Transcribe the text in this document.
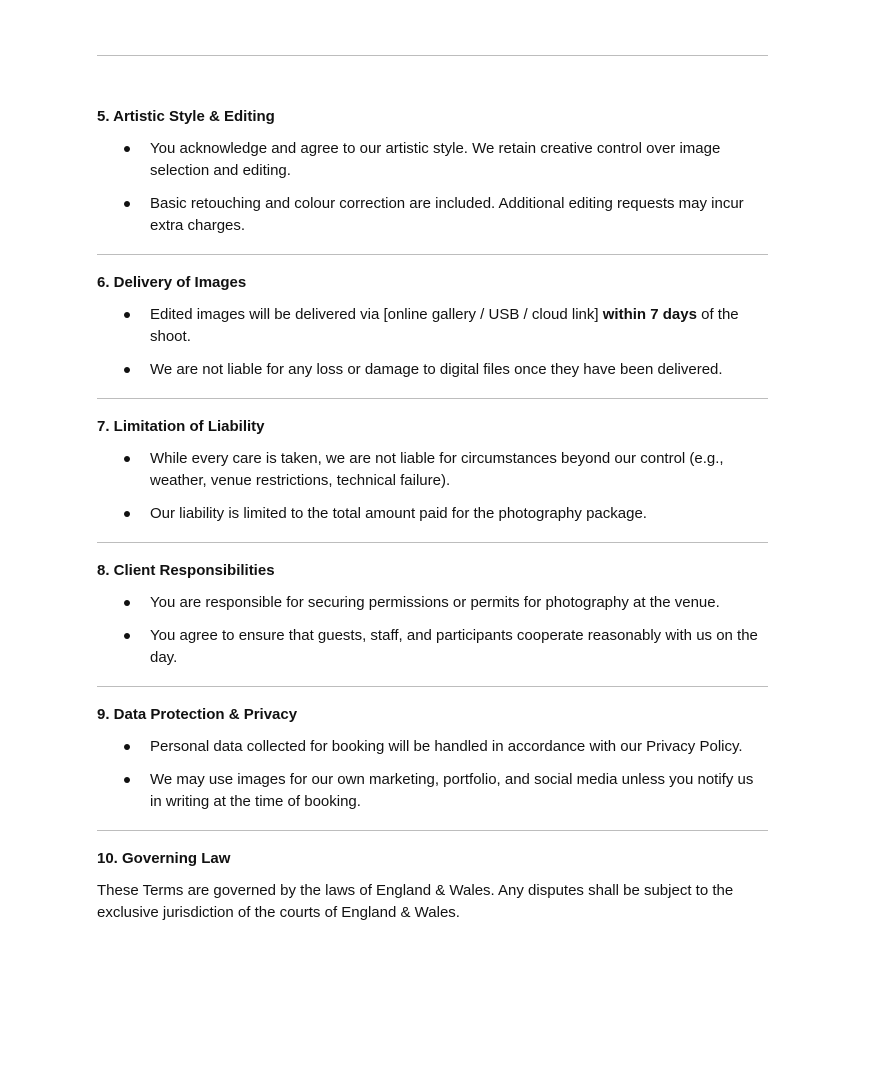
5. Artistic Style & Editing
You acknowledge and agree to our artistic style. We retain creative control over image selection and editing.
Basic retouching and colour correction are included. Additional editing requests may incur extra charges.
6. Delivery of Images
Edited images will be delivered via [online gallery / USB / cloud link] within 7 days of the shoot.
We are not liable for any loss or damage to digital files once they have been delivered.
7. Limitation of Liability
While every care is taken, we are not liable for circumstances beyond our control (e.g., weather, venue restrictions, technical failure).
Our liability is limited to the total amount paid for the photography package.
8. Client Responsibilities
You are responsible for securing permissions or permits for photography at the venue.
You agree to ensure that guests, staff, and participants cooperate reasonably with us on the day.
9. Data Protection & Privacy
Personal data collected for booking will be handled in accordance with our Privacy Policy.
We may use images for our own marketing, portfolio, and social media unless you notify us in writing at the time of booking.
10. Governing Law

These Terms are governed by the laws of England & Wales. Any disputes shall be subject to the exclusive jurisdiction of the courts of England & Wales.
